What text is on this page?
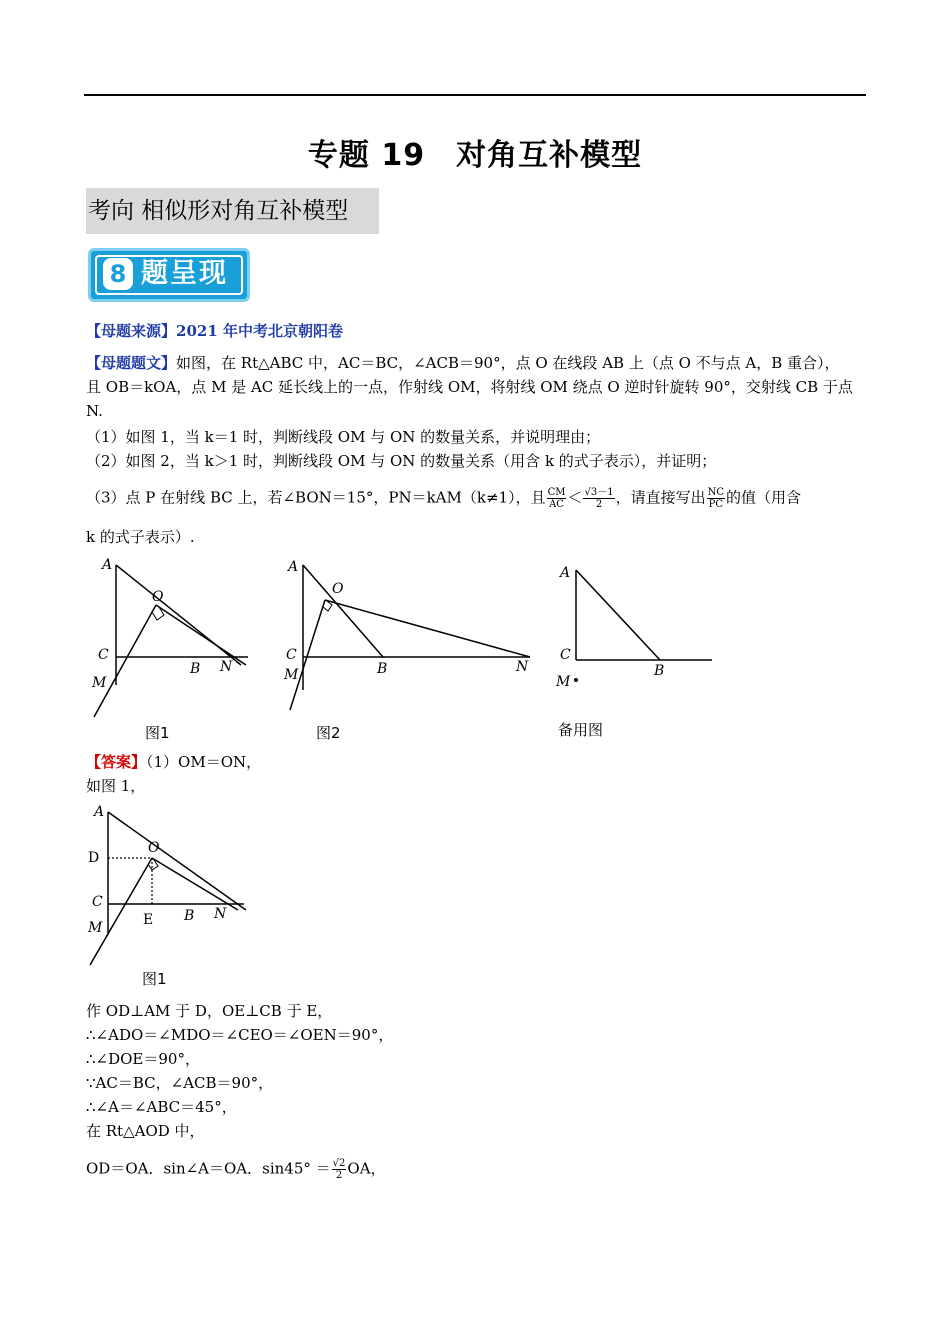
专题 19　对角互补模型
考向 相似形对角互补模型
8 题呈现
【母题来源】2021 年中考北京朝阳卷
【母题题文】如图，在 Rt△ABC 中，AC＝BC，∠ACB＝90°，点 O 在线段 AB 上（点 O 不与点 A，B 重合），
且 OB＝kOA，点 M 是 AC 延长线上的一点，作射线 OM，将射线 OM 绕点 O 逆时针旋转 90°，交射线 CB 于点
N.
（1）如图 1，当 k＝1 时，判断线段 OM 与 ON 的数量关系，并说明理由；
（2）如图 2，当 k＞1 时，判断线段 OM 与 ON 的数量关系（用含 k 的式子表示），并证明；
（3）点 P 在射线 BC 上，若∠BON＝15°，PN＝kAM（k≠1），且 $\frac{CM}{AC} < \frac{√3-1}{2}$ ，请直接写出 $\frac{NC}{PC}$ 的值（用含
k 的式子表示）.
A
O
C
M
B N
图1
A
O
C
M	B	N
图2
A
C
M
B
备用图
【答案】（1）OM＝ON，
如图 1，
A
O
D
C
M	E B N
图1
作 OD⊥AM 于 D，OE⊥CB 于 E，
∴∠ADO＝∠MDO＝∠CEO＝∠OEN＝90°，
∴∠DOE＝90°，
∵AC＝BC，∠ACB＝90°，
∴∠A＝∠ABC＝45°，
在 Rt△AOD 中，
OD＝OA．sin∠A＝OA．$\sin 45^\circ = \frac{√2}{2}$ OA，
